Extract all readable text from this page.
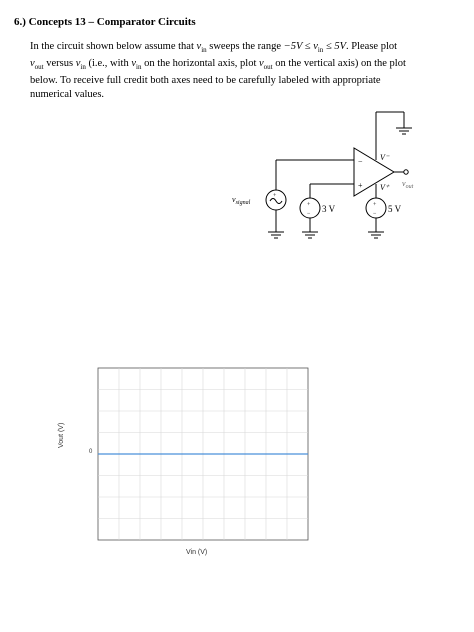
6.) Concepts 13 – Comparator Circuits
In the circuit shown below assume that $v_{in}$ sweeps the range $-5V \le v_{in} \le 5V$. Please plot
$v_{out}$ versus $v_{in}$ (i.e., with $v_{in}$ on the horizontal axis, plot $v_{out}$ on the vertical axis) on the plot
below. To receive full credit both axes need to be carefully labeled with appropriate
numerical values.
−
+
V⁻
V⁺ $v_{out}$
$v_{signal}$
3 V	5 V
+
+
−
+
−
Vout (V)
Vin (V)
0
